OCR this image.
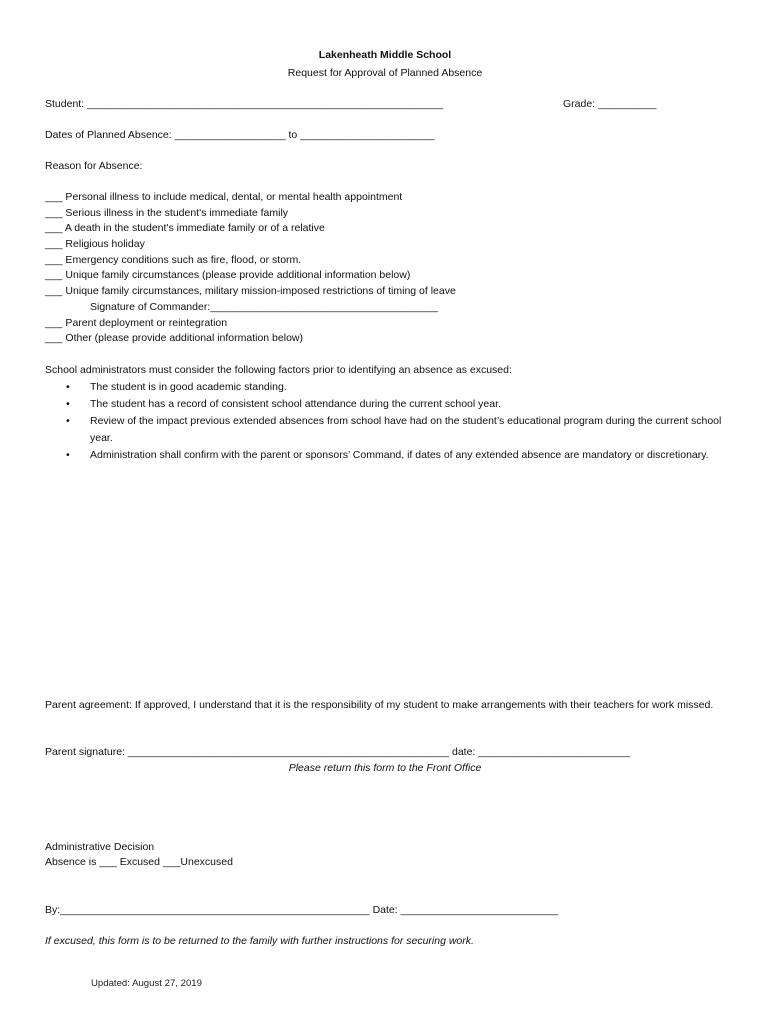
Lakenheath Middle School
Request for Approval of Planned Absence
Student: _____________________________________________________________	Grade: __________
Dates of Planned Absence: ___________________ to _______________________
Reason for Absence:
___ Personal illness to include medical, dental, or mental health appointment
___ Serious illness in the student's immediate family
___ A death in the student's immediate family or of a relative
___ Religious holiday
___ Emergency conditions such as fire, flood, or storm.
___ Unique family circumstances (please provide additional information below)
___ Unique family circumstances, military mission-imposed restrictions of timing of leave
Signature of Commander:_______________________________________
___ Parent deployment or reintegration
___ Other (please provide additional information below)
School administrators must consider the following factors prior to identifying an absence as excused:
• The student is in good academic standing.
• The student has a record of consistent school attendance during the current school year.
• Review of the impact previous extended absences from school have had on the student’s educational program during the current school year.
• Administration shall confirm with the parent or sponsors’ Command, if dates of any extended absence are mandatory or discretionary.
Parent agreement: If approved, I understand that it is the responsibility of my student to make arrangements with their teachers for work missed.
Parent signature: _______________________________________________________ date: __________________________
Please return this form to the Front Office
Administrative Decision
Absence is ___ Excused ___Unexcused
By:_____________________________________________________ Date: ___________________________
If excused, this form is to be returned to the family with further instructions for securing work.
Updated: August 27, 2019
